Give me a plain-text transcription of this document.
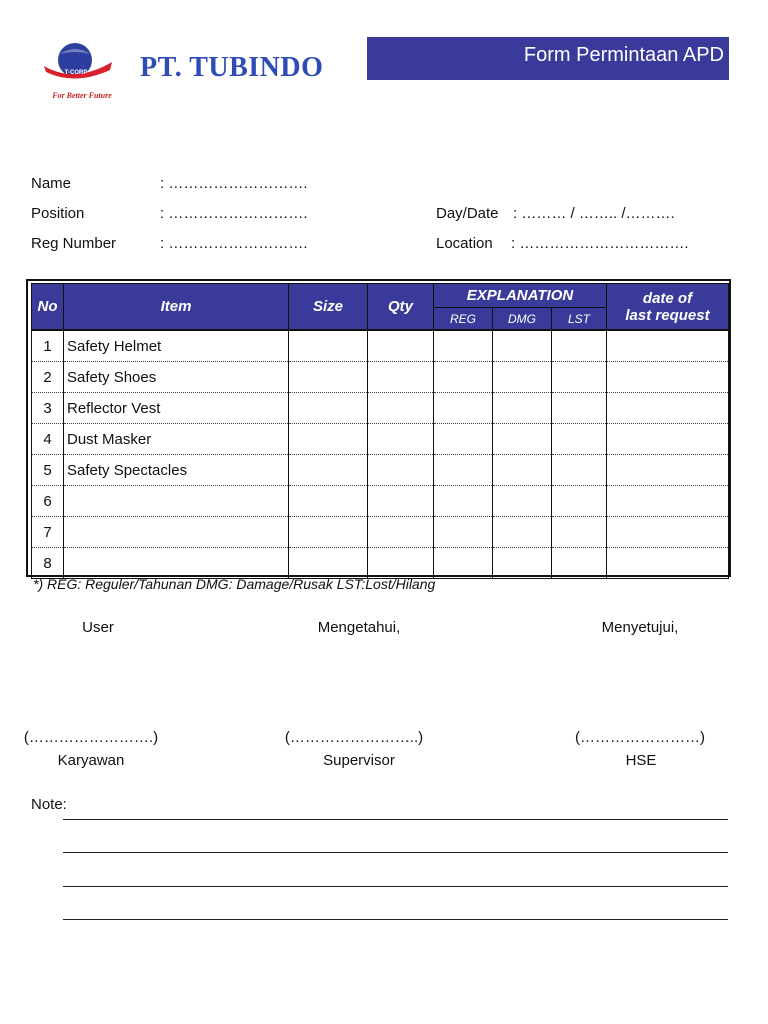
T-CORP
For Better Future
PT. TUBINDO	Form Permintaan APD
Name	: ……………………….
Position	: ……………………….
Reg Number	: ……………………….
Day/Date : ……… / …….. /……….
Location : …………………………….
No	Item	Size	Qty	EXPLANATION			date of
last request

				REG	DMG	LST	
1	Safety Helmet						
2	Safety Shoes						
3	Reflector Vest						
4	Dust Masker						
5	Safety Spectacles						
6							
7							
8							
*) REG: Reguler/Tahunan DMG: Damage/Rusak LST:Lost/Hilang
User
(…………………….)
Karyawan
Mengetahui,
(……………………..)
Supervisor
Menyetujui,
(……………………)
HSE
Note:
